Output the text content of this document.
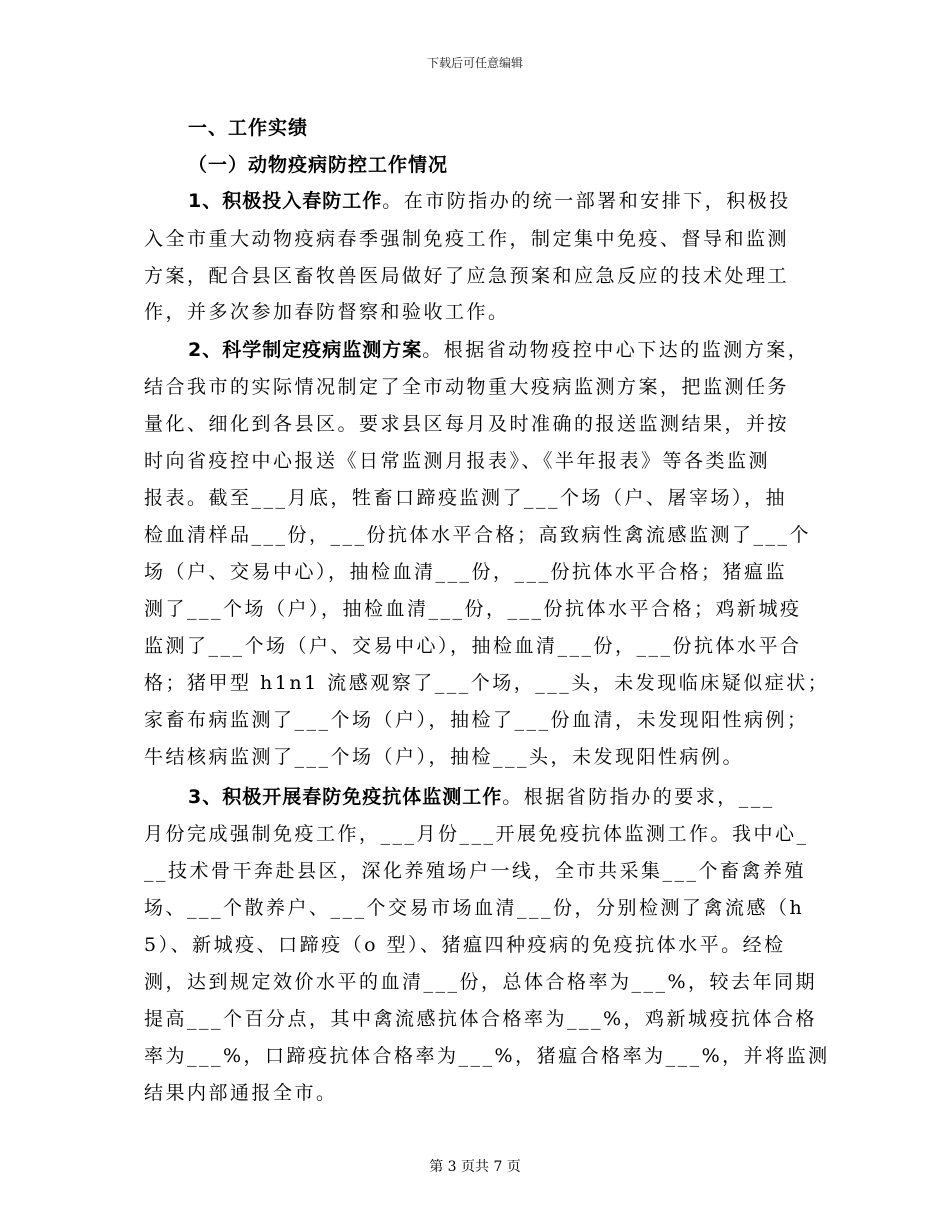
下载后可任意编辑
一、工作实绩
（一）动物疫病防控工作情况
1、积极投入春防工作。在市防指办的统一部署和安排下，积极投
入全市重大动物疫病春季强制免疫工作，制定集中免疫、督导和监测
方案，配合县区畜牧兽医局做好了应急预案和应急反应的技术处理工
作，并多次参加春防督察和验收工作。
2、科学制定疫病监测方案。根据省动物疫控中心下达的监测方案，
结合我市的实际情况制定了全市动物重大疫病监测方案，把监测任务
量化、细化到各县区。要求县区每月及时准确的报送监测结果，并按
时向省疫控中心报送《日常监测月报表》、《半年报表》等各类监测
报表。截至___月底，牲畜口蹄疫监测了___个场（户、屠宰场），抽
检血清样品___份，___份抗体水平合格；高致病性禽流感监测了___个
场（户、交易中心），抽检血清___份，___份抗体水平合格；猪瘟监
测了___个场（户），抽检血清___份，___份抗体水平合格；鸡新城疫
监测了___个场（户、交易中心），抽检血清___份，___份抗体水平合
格；猪甲型 h1n1 流感观察了___个场，___头，未发现临床疑似症状；
家畜布病监测了___个场（户），抽检了___份血清，未发现阳性病例；
牛结核病监测了___个场（户），抽检___头，未发现阳性病例。
3、积极开展春防免疫抗体监测工作。根据省防指办的要求，___
月份完成强制免疫工作，___月份___开展免疫抗体监测工作。我中心_
__技术骨干奔赴县区，深化养殖场户一线，全市共采集___个畜禽养殖
场、___个散养户、___个交易市场血清___份，分别检测了禽流感（h
5）、新城疫、口蹄疫（o 型）、猪瘟四种疫病的免疫抗体水平。经检
测，达到规定效价水平的血清___份，总体合格率为___%，较去年同期
提高___个百分点，其中禽流感抗体合格率为___%，鸡新城疫抗体合格
率为___%，口蹄疫抗体合格率为___%，猪瘟合格率为___%，并将监测
结果内部通报全市。
第 3 页共 7 页
